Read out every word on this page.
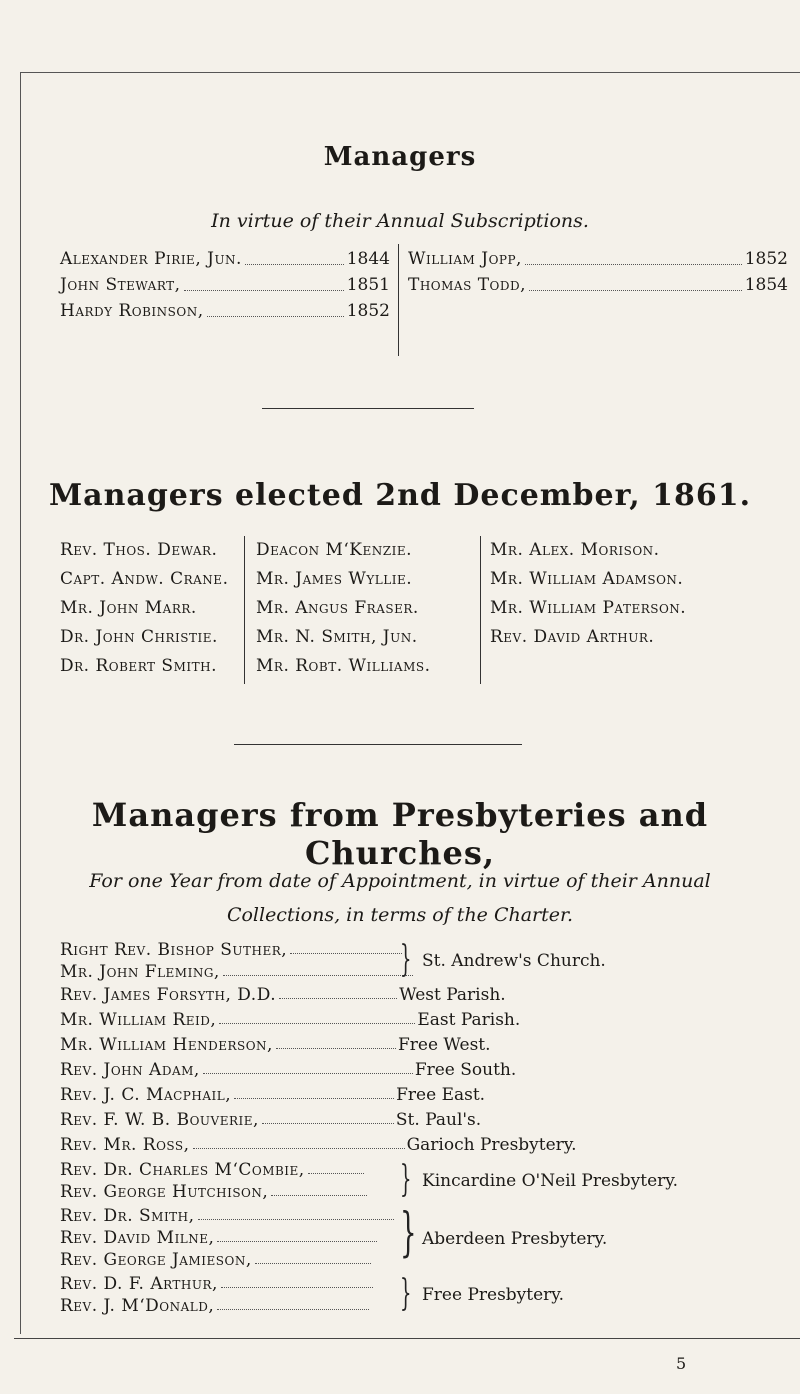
Managers
In virtue of their Annual Subscriptions.
Alexander Pirie, Jun.	1844
John Stewart,	1851
Hardy Robinson,	1852
William Jopp,	1852
Thomas Todd,	1854
Managers elected 2nd December, 1861.
Rev. Thos. Dewar.
Capt. Andw. Crane.
Mr. John Marr.
Dr. John Christie.
Dr. Robert Smith.
Deacon M‘Kenzie.
Mr. James Wyllie.
Mr. Angus Fraser.
Mr. N. Smith, Jun.
Mr. Robt. Williams.
Mr. Alex. Morison.
Mr. William Adamson.
Mr. William Paterson.
Rev. David Arthur.
Managers from Presbyteries and Churches,
For one Year from date of Appointment, in virtue of their Annual Collections, in terms of the Charter.
Right Rev. Bishop Suther,
Mr. John Fleming,	} St. Andrew's Church.
Rev. James Forsyth, D.D.	West Parish.
Mr. William Reid,	East Parish.
Mr. William Henderson,	Free West.
Rev. John Adam,	Free South.
Rev. J. C. Macphail,	Free East.
Rev. F. W. B. Bouverie,	St. Paul's.
Rev. Mr. Ross,	Garioch Presbytery.
Rev. Dr. Charles M‘Combie,
Rev. George Hutchison,	} Kincardine O'Neil Presbytery.
Rev. Dr. Smith,
Rev. David Milne,
Rev. George Jamieson,	} Aberdeen Presbytery.
Rev. D. F. Arthur,
Rev. J. M‘Donald,	} Free Presbytery.
5
